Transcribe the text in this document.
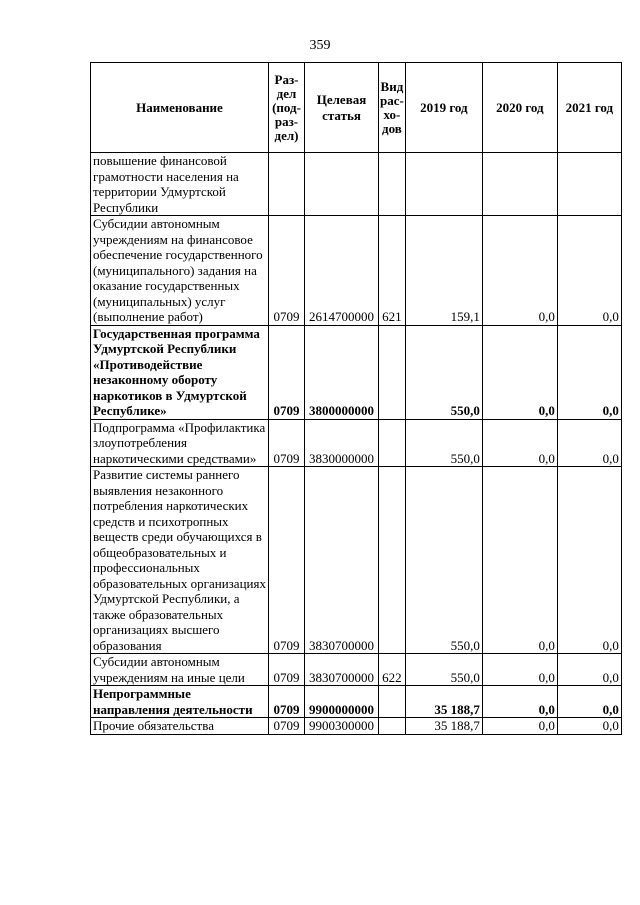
359
Наименование	Раз-
дел
(под-
раз-
дел)	Целевая
статья	Вид
рас-
хо-
дов	2019 год	2020 год	2021 год
повышение финансовой грамотности населения на территории Удмуртской Республики						
Субсидии автономным учреждениям на финансовое обеспечение государственного (муниципального) задания на оказание государственных (муниципальных) услуг (выполнение работ)	0709	2614700000	621	159,1	0,0	0,0
Государственная программа Удмуртской Республики «Противодействие незаконному обороту наркотиков в Удмуртской Республике»	0709	3800000000		550,0	0,0	0,0
Подпрограмма «Профилактика злоупотребления наркотическими средствами»	0709	3830000000		550,0	0,0	0,0
Развитие системы раннего выявления незаконного потребления наркотических средств и психотропных веществ среди обучающихся в общеобразовательных и профессиональных образовательных организациях Удмуртской Республики, а также образовательных организациях высшего образования	0709	3830700000		550,0	0,0	0,0
Субсидии автономным учреждениям на иные цели	0709	3830700000	622	550,0	0,0	0,0
Непрограммные направления деятельности	0709	9900000000		35 188,7	0,0	0,0
Прочие обязательства	0709	9900300000		35 188,7	0,0	0,0
